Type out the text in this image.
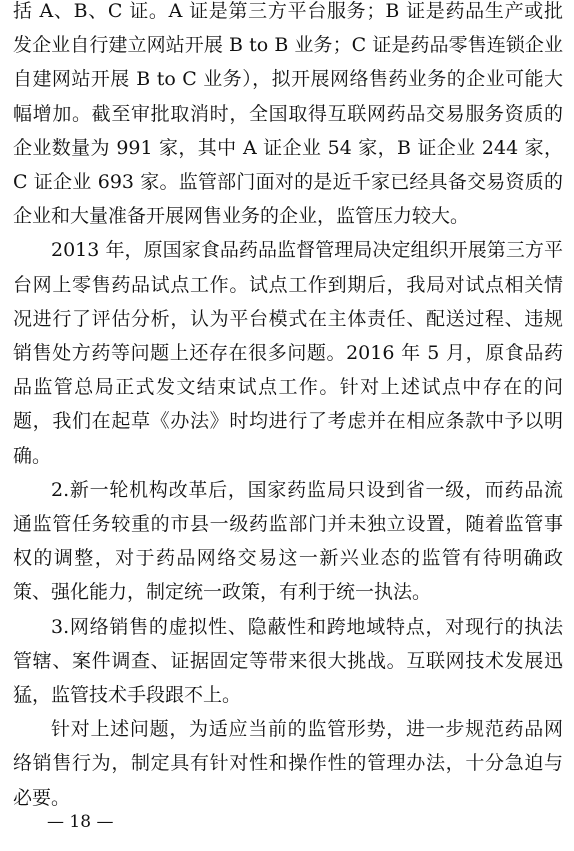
括 A、B、C 证。A 证是第三方平台服务；B 证是药品生产或批发企业自行建立网站开展 B to B 业务；C 证是药品零售连锁企业自建网站开展 B to C 业务），拟开展网络售药业务的企业可能大幅增加。截至审批取消时，全国取得互联网药品交易服务资质的企业数量为 991 家，其中 A 证企业 54 家，B 证企业 244 家，C 证企业 693 家。监管部门面对的是近千家已经具备交易资质的企业和大量准备开展网售业务的企业，监管压力较大。

2013 年，原国家食品药品监督管理局决定组织开展第三方平台网上零售药品试点工作。试点工作到期后，我局对试点相关情况进行了评估分析，认为平台模式在主体责任、配送过程、违规销售处方药等问题上还存在很多问题。2016 年 5 月，原食品药品监管总局正式发文结束试点工作。针对上述试点中存在的问题，我们在起草《办法》时均进行了考虑并在相应条款中予以明确。

2.新一轮机构改革后，国家药监局只设到省一级，而药品流通监管任务较重的市县一级药监部门并未独立设置，随着监管事权的调整，对于药品网络交易这一新兴业态的监管有待明确政策、强化能力，制定统一政策，有利于统一执法。

3.网络销售的虚拟性、隐蔽性和跨地域特点，对现行的执法管辖、案件调查、证据固定等带来很大挑战。互联网技术发展迅猛，监管技术手段跟不上。

针对上述问题，为适应当前的监管形势，进一步规范药品网络销售行为，制定具有针对性和操作性的管理办法，十分急迫与必要。

— 18 —
